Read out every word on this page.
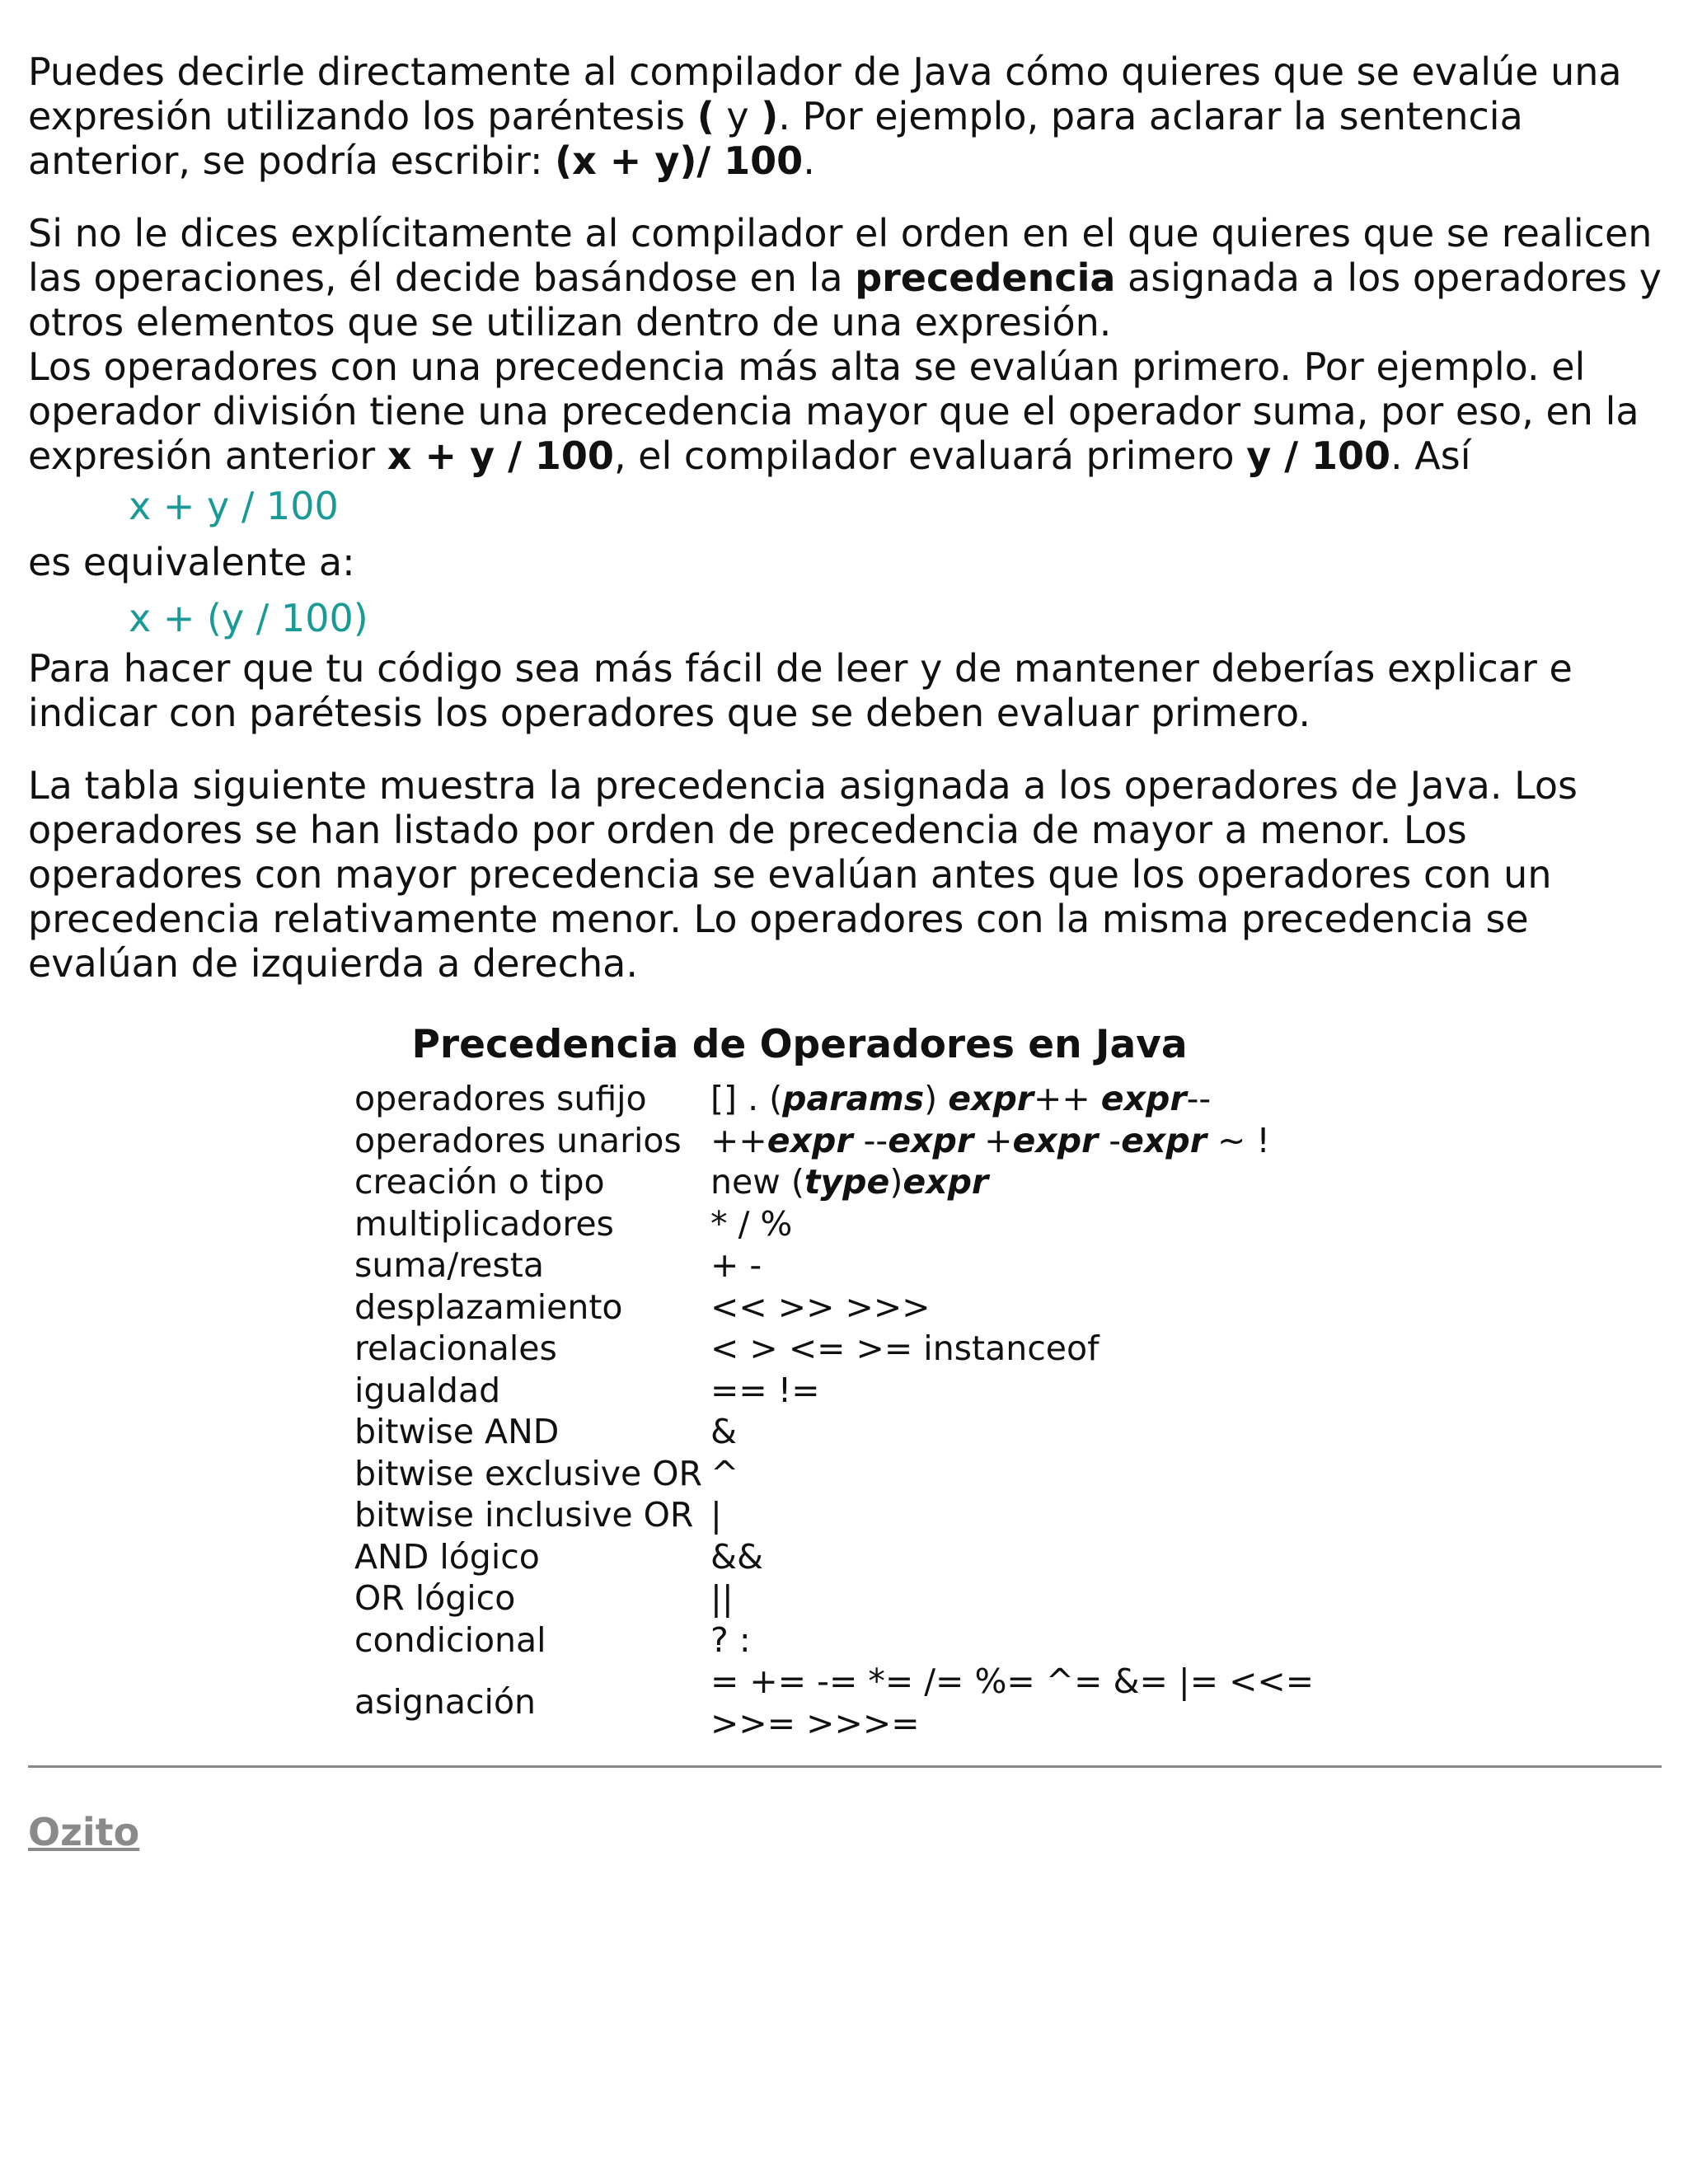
Puedes decirle directamente al compilador de Java cómo quieres que se evalúe una expresión utilizando los paréntesis ( y ). Por ejemplo, para aclarar la sentencia anterior, se podría escribir: (x + y)/ 100.

Si no le dices explícitamente al compilador el orden en el que quieres que se realicen las operaciones, él decide basándose en la precedencia asignada a los operadores y otros elementos que se utilizan dentro de una expresión.

Los operadores con una precedencia más alta se evalúan primero. Por ejemplo. el operador división tiene una precedencia mayor que el operador suma, por eso, en la expresión anterior x + y / 100, el compilador evaluará primero y / 100. Así

x + y / 100

es equivalente a:

x + (y / 100)

Para hacer que tu código sea más fácil de leer y de mantener deberías explicar e indicar con parétesis los operadores que se deben evaluar primero.

La tabla siguiente muestra la precedencia asignada a los operadores de Java. Los operadores se han listado por orden de precedencia de mayor a menor. Los operadores con mayor precedencia se evalúan antes que los operadores con un precedencia relativamente menor. Lo operadores con la misma precedencia se evalúan de izquierda a derecha.

Precedencia de Operadores en Java
operadores sufijo	[] . (params) expr++ expr--
operadores unarios	++expr --expr +expr -expr ~ !
creación o tipo	new (type)expr
multiplicadores	* / %
suma/resta	+ -
desplazamiento	<< >> >>>
relacionales	< > <= >= instanceof
igualdad	== !=
bitwise AND	&
bitwise exclusive OR	^
bitwise inclusive OR	|
AND lógico	&&
OR lógico	||
condicional	? :
asignación	= += -= *= /= %= ^= &= |= <<=
>>= >>>=
Ozito
